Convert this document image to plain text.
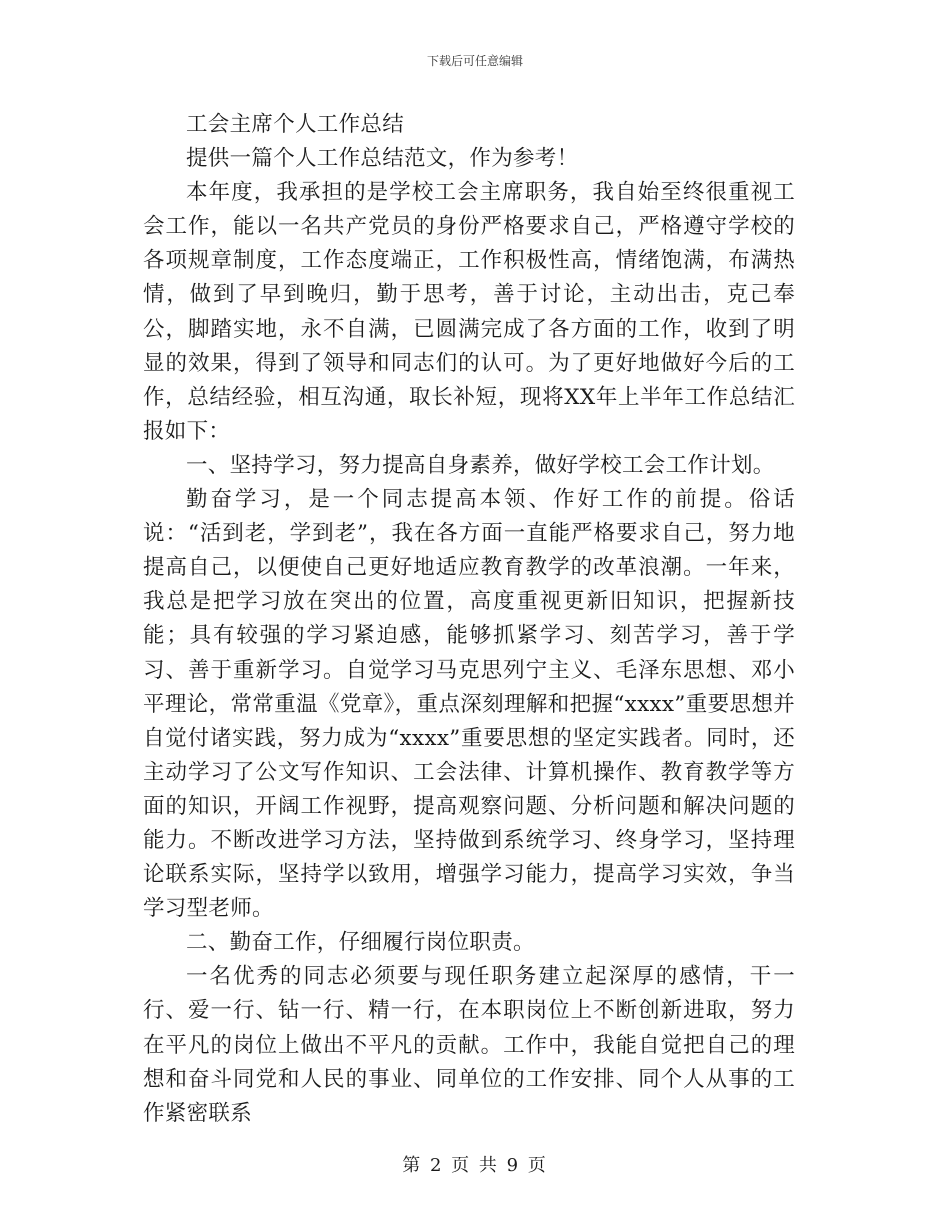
下载后可任意编辑

工会主席个人工作总结

提供一篇个人工作总结范文，作为参考！

本年度，我承担的是学校工会主席职务，我自始至终很重视工会工作，能以一名共产党员的身份严格要求自己，严格遵守学校的各项规章制度，工作态度端正，工作积极性高，情绪饱满，布满热情，做到了早到晚归，勤于思考，善于讨论，主动出击，克己奉公，脚踏实地，永不自满，已圆满完成了各方面的工作，收到了明显的效果，得到了领导和同志们的认可。为了更好地做好今后的工作，总结经验，相互沟通，取长补短，现将XX年上半年工作总结汇报如下：

一、坚持学习，努力提高自身素养，做好学校工会工作计划。

勤奋学习，是一个同志提高本领、作好工作的前提。俗话说：“活到老，学到老”，我在各方面一直能严格要求自己，努力地提高自己，以便使自己更好地适应教育教学的改革浪潮。一年来，我总是把学习放在突出的位置，高度重视更新旧知识，把握新技能；具有较强的学习紧迫感，能够抓紧学习、刻苦学习，善于学习、善于重新学习。自觉学习马克思列宁主义、毛泽东思想、邓小平理论，常常重温《党章》，重点深刻理解和把握“xxxx”重要思想并自觉付诸实践，努力成为“xxxx”重要思想的坚定实践者。同时，还主动学习了公文写作知识、工会法律、计算机操作、教育教学等方面的知识，开阔工作视野，提高观察问题、分析问题和解决问题的能力。不断改进学习方法，坚持做到系统学习、终身学习，坚持理论联系实际，坚持学以致用，增强学习能力，提高学习实效，争当学习型老师。

二、勤奋工作，仔细履行岗位职责。

一名优秀的同志必须要与现任职务建立起深厚的感情，干一行、爱一行、钻一行、精一行，在本职岗位上不断创新进取，努力在平凡的岗位上做出不平凡的贡献。工作中，我能自觉把自己的理想和奋斗同党和人民的事业、同单位的工作安排、同个人从事的工作紧密联系

第 2 页 共 9 页
